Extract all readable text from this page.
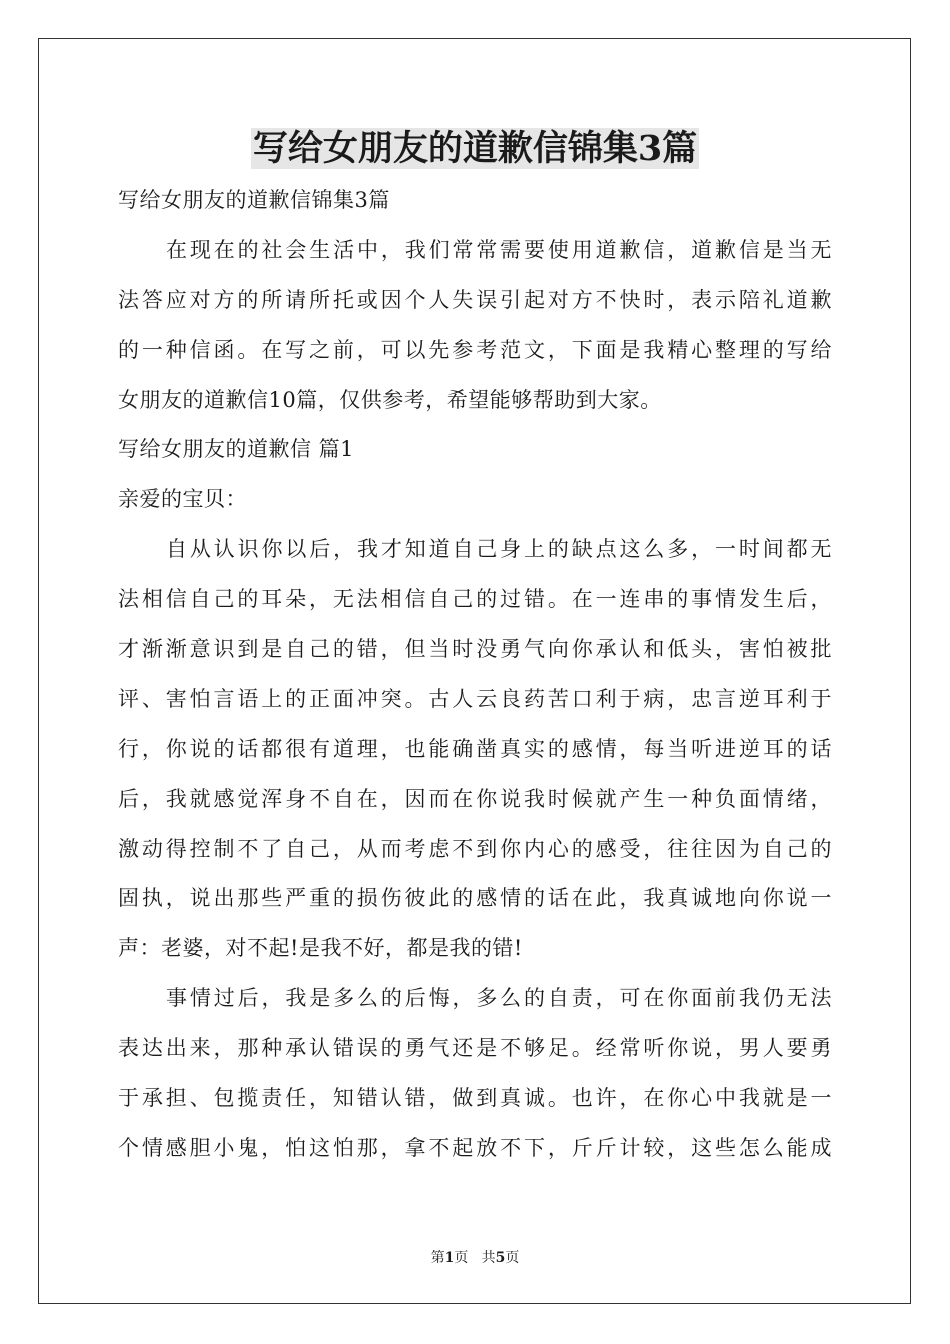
写给女朋友的道歉信锦集3篇
写给女朋友的道歉信锦集3篇
在现在的社会生活中，我们常常需要使用道歉信，道歉信是当无
法答应对方的所请所托或因个人失误引起对方不快时，表示陪礼道歉
的一种信函。在写之前，可以先参考范文，下面是我精心整理的写给
女朋友的道歉信10篇，仅供参考，希望能够帮助到大家。
写给女朋友的道歉信 篇1
亲爱的宝贝：
自从认识你以后，我才知道自己身上的缺点这么多，一时间都无
法相信自己的耳朵，无法相信自己的过错。在一连串的事情发生后，
才渐渐意识到是自己的错，但当时没勇气向你承认和低头，害怕被批
评、害怕言语上的正面冲突。古人云良药苦口利于病，忠言逆耳利于
行，你说的话都很有道理，也能确凿真实的感情，每当听进逆耳的话
后，我就感觉浑身不自在，因而在你说我时候就产生一种负面情绪，
激动得控制不了自己，从而考虑不到你内心的感受，往往因为自己的
固执，说出那些严重的损伤彼此的感情的话在此，我真诚地向你说一
声：老婆，对不起!是我不好，都是我的错!
事情过后，我是多么的后悔，多么的自责，可在你面前我仍无法
表达出来，那种承认错误的勇气还是不够足。经常听你说，男人要勇
于承担、包揽责任，知错认错，做到真诚。也许，在你心中我就是一
个情感胆小鬼，怕这怕那，拿不起放不下，斤斤计较，这些怎么能成
第1页   共5页
